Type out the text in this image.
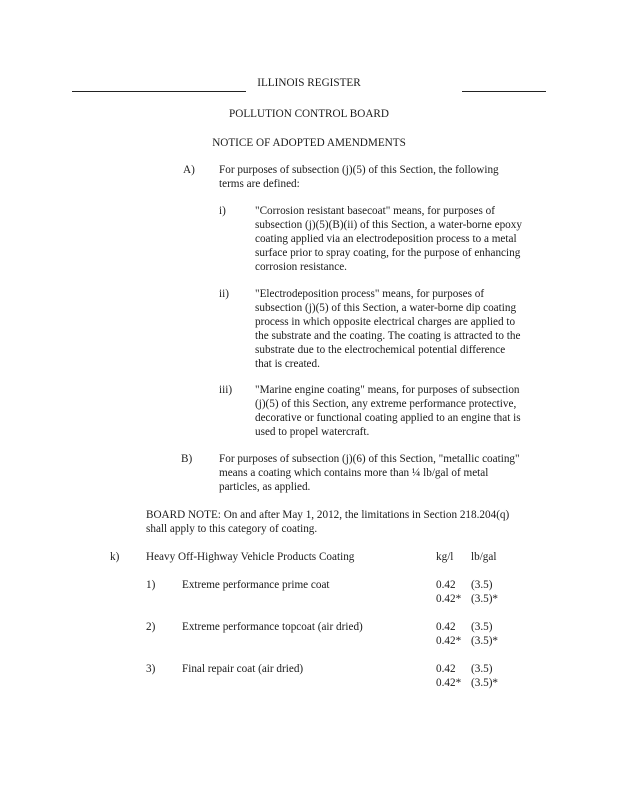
ILLINOIS REGISTER
POLLUTION CONTROL BOARD
NOTICE OF ADOPTED AMENDMENTS
A) For purposes of subsection (j)(5) of this Section, the following
terms are defined:
i)	"Corrosion resistant basecoat" means, for purposes of
subsection (j)(5)(B)(ii) of this Section, a water-borne epoxy
coating applied via an electrodeposition process to a metal
surface prior to spray coating, for the purpose of enhancing
corrosion resistance.
ii) "Electrodeposition process" means, for purposes of
subsection (j)(5) of this Section, a water-borne dip coating
process in which opposite electrical charges are applied to
the substrate and the coating. The coating is attracted to the
substrate due to the electrochemical potential difference
that is created.
iii) "Marine engine coating" means, for purposes of subsection
(j)(5) of this Section, any extreme performance protective,
decorative or functional coating applied to an engine that is
used to propel watercraft.
B) For purposes of subsection (j)(6) of this Section, "metallic coating"
means a coating which contains more than ¼ lb/gal of metal
particles, as applied.
BOARD NOTE: On and after May 1, 2012, the limitations in Section 218.204(q)
shall apply to this category of coating.
k) Heavy Off-Highway Vehicle Products Coating	kg/l lb/gal
1) Extreme performance prime coat	0.42 (3.5)
0.42* (3.5)*
2) Extreme performance topcoat (air dried)	0.42 (3.5)
0.42* (3.5)*
3) Final repair coat (air dried)	0.42 (3.5)
0.42* (3.5)*
